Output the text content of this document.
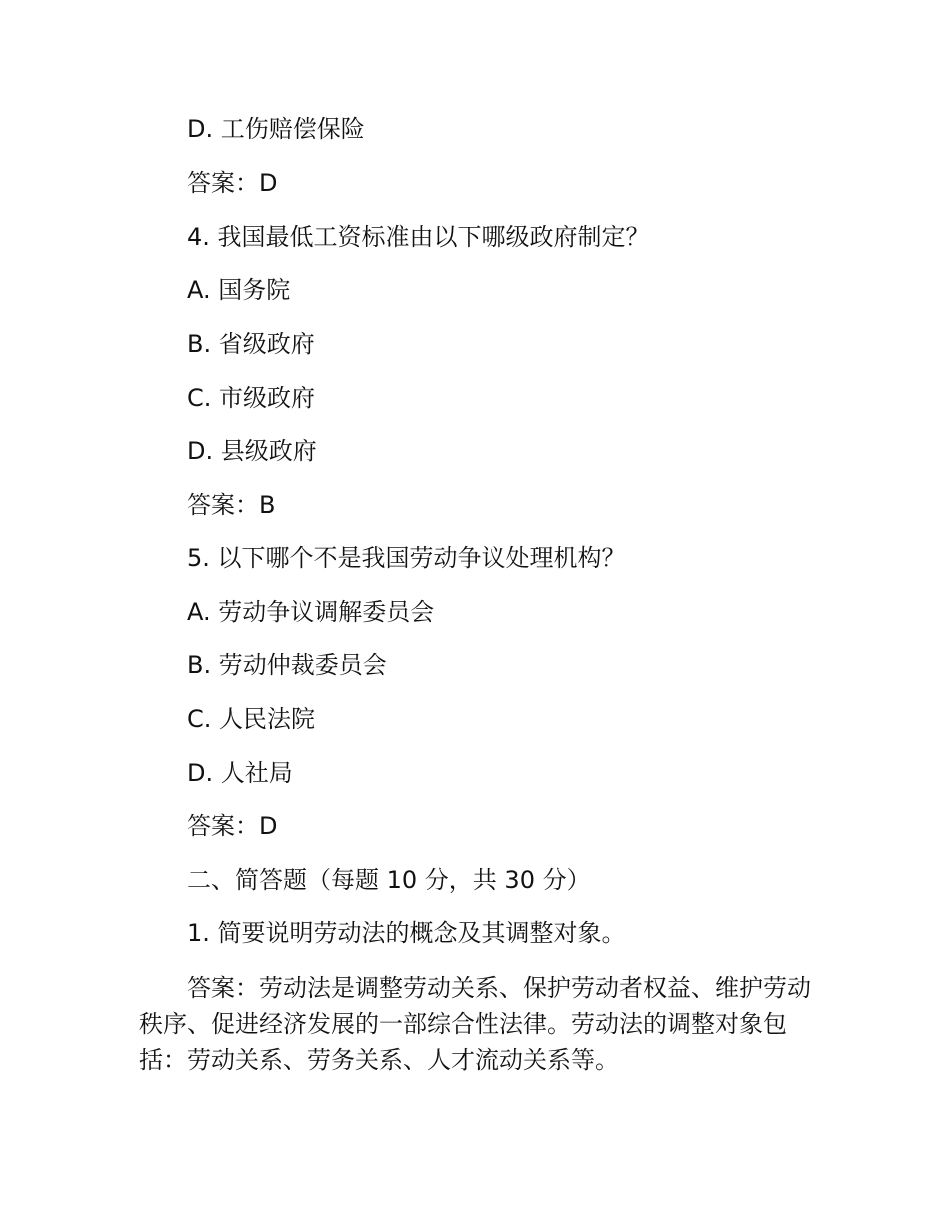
D. 工伤赔偿保险
答案：D
4. 我国最低工资标准由以下哪级政府制定？
A. 国务院
B. 省级政府
C. 市级政府
D. 县级政府
答案：B
5. 以下哪个不是我国劳动争议处理机构？
A. 劳动争议调解委员会
B. 劳动仲裁委员会
C. 人民法院
D. 人社局
答案：D
二、简答题（每题 10 分，共 30 分）
1. 简要说明劳动法的概念及其调整对象。

答案：劳动法是调整劳动关系、保护劳动者权益、维护劳动秩序、促进经济发展的一部综合性法律。劳动法的调整对象包括：劳动关系、劳务关系、人才流动关系等。
